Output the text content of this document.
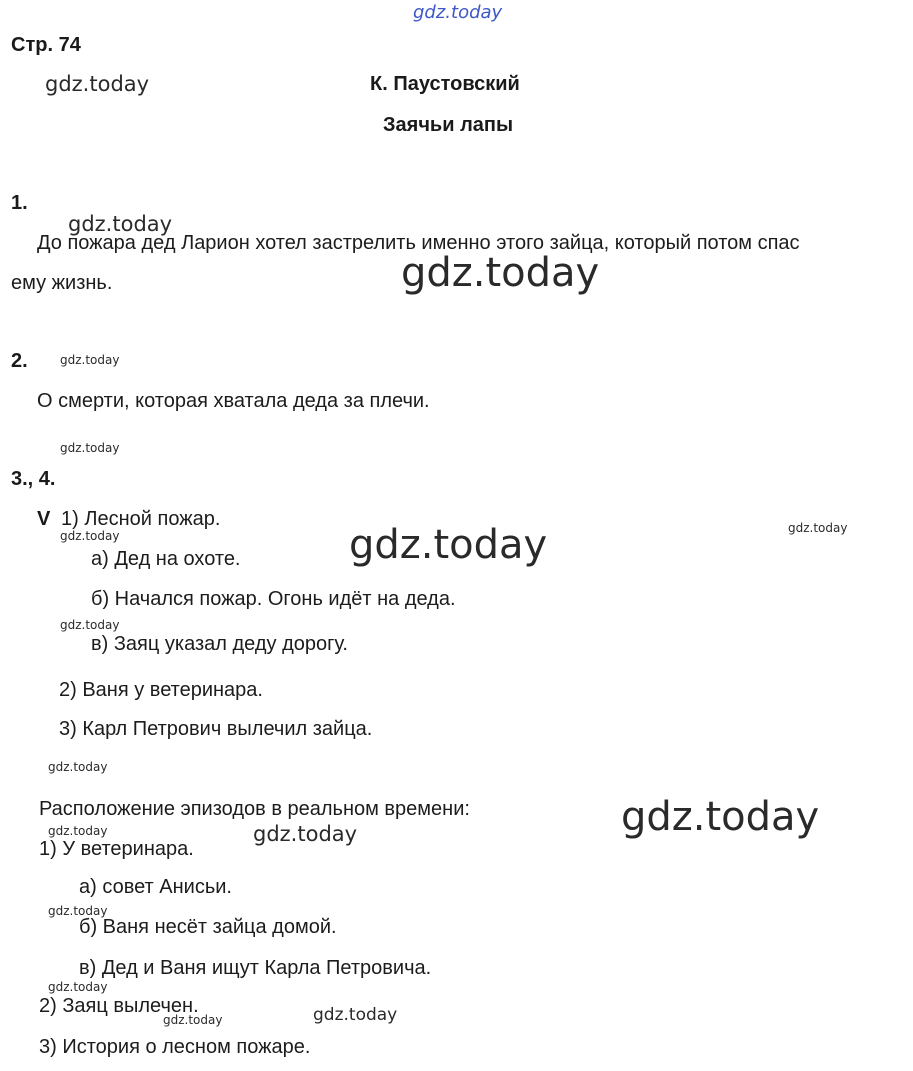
gdz.today
gdz.today
gdz.today
gdz.today
gdz.today
gdz.today
gdz.today	gdz.today	gdz.today
gdz.today
gdz.today
gdz.today
gdz.today
gdz.today
gdz.today
gdz.today
gdz.today	gdz.today
Стр. 74
К. Паустовский
Заячьи лапы
1.
До пожара дед Ларион хотел застрелить именно этого зайца, который потом спас
ему жизнь.
2.
О смерти, которая хватала деда за плечи.
3., 4.
V 1) Лесной пожар.
а) Дед на охоте.
б) Начался пожар. Огонь идёт на деда.
в) Заяц указал деду дорогу.
2) Ваня у ветеринара.
3) Карл Петрович вылечил зайца.
Расположение эпизодов в реальном времени:
1) У ветеринара.
а) совет Анисьи.
б) Ваня несёт зайца домой.
в) Дед и Ваня ищут Карла Петровича.
2) Заяц вылечен.
3) История о лесном пожаре.
